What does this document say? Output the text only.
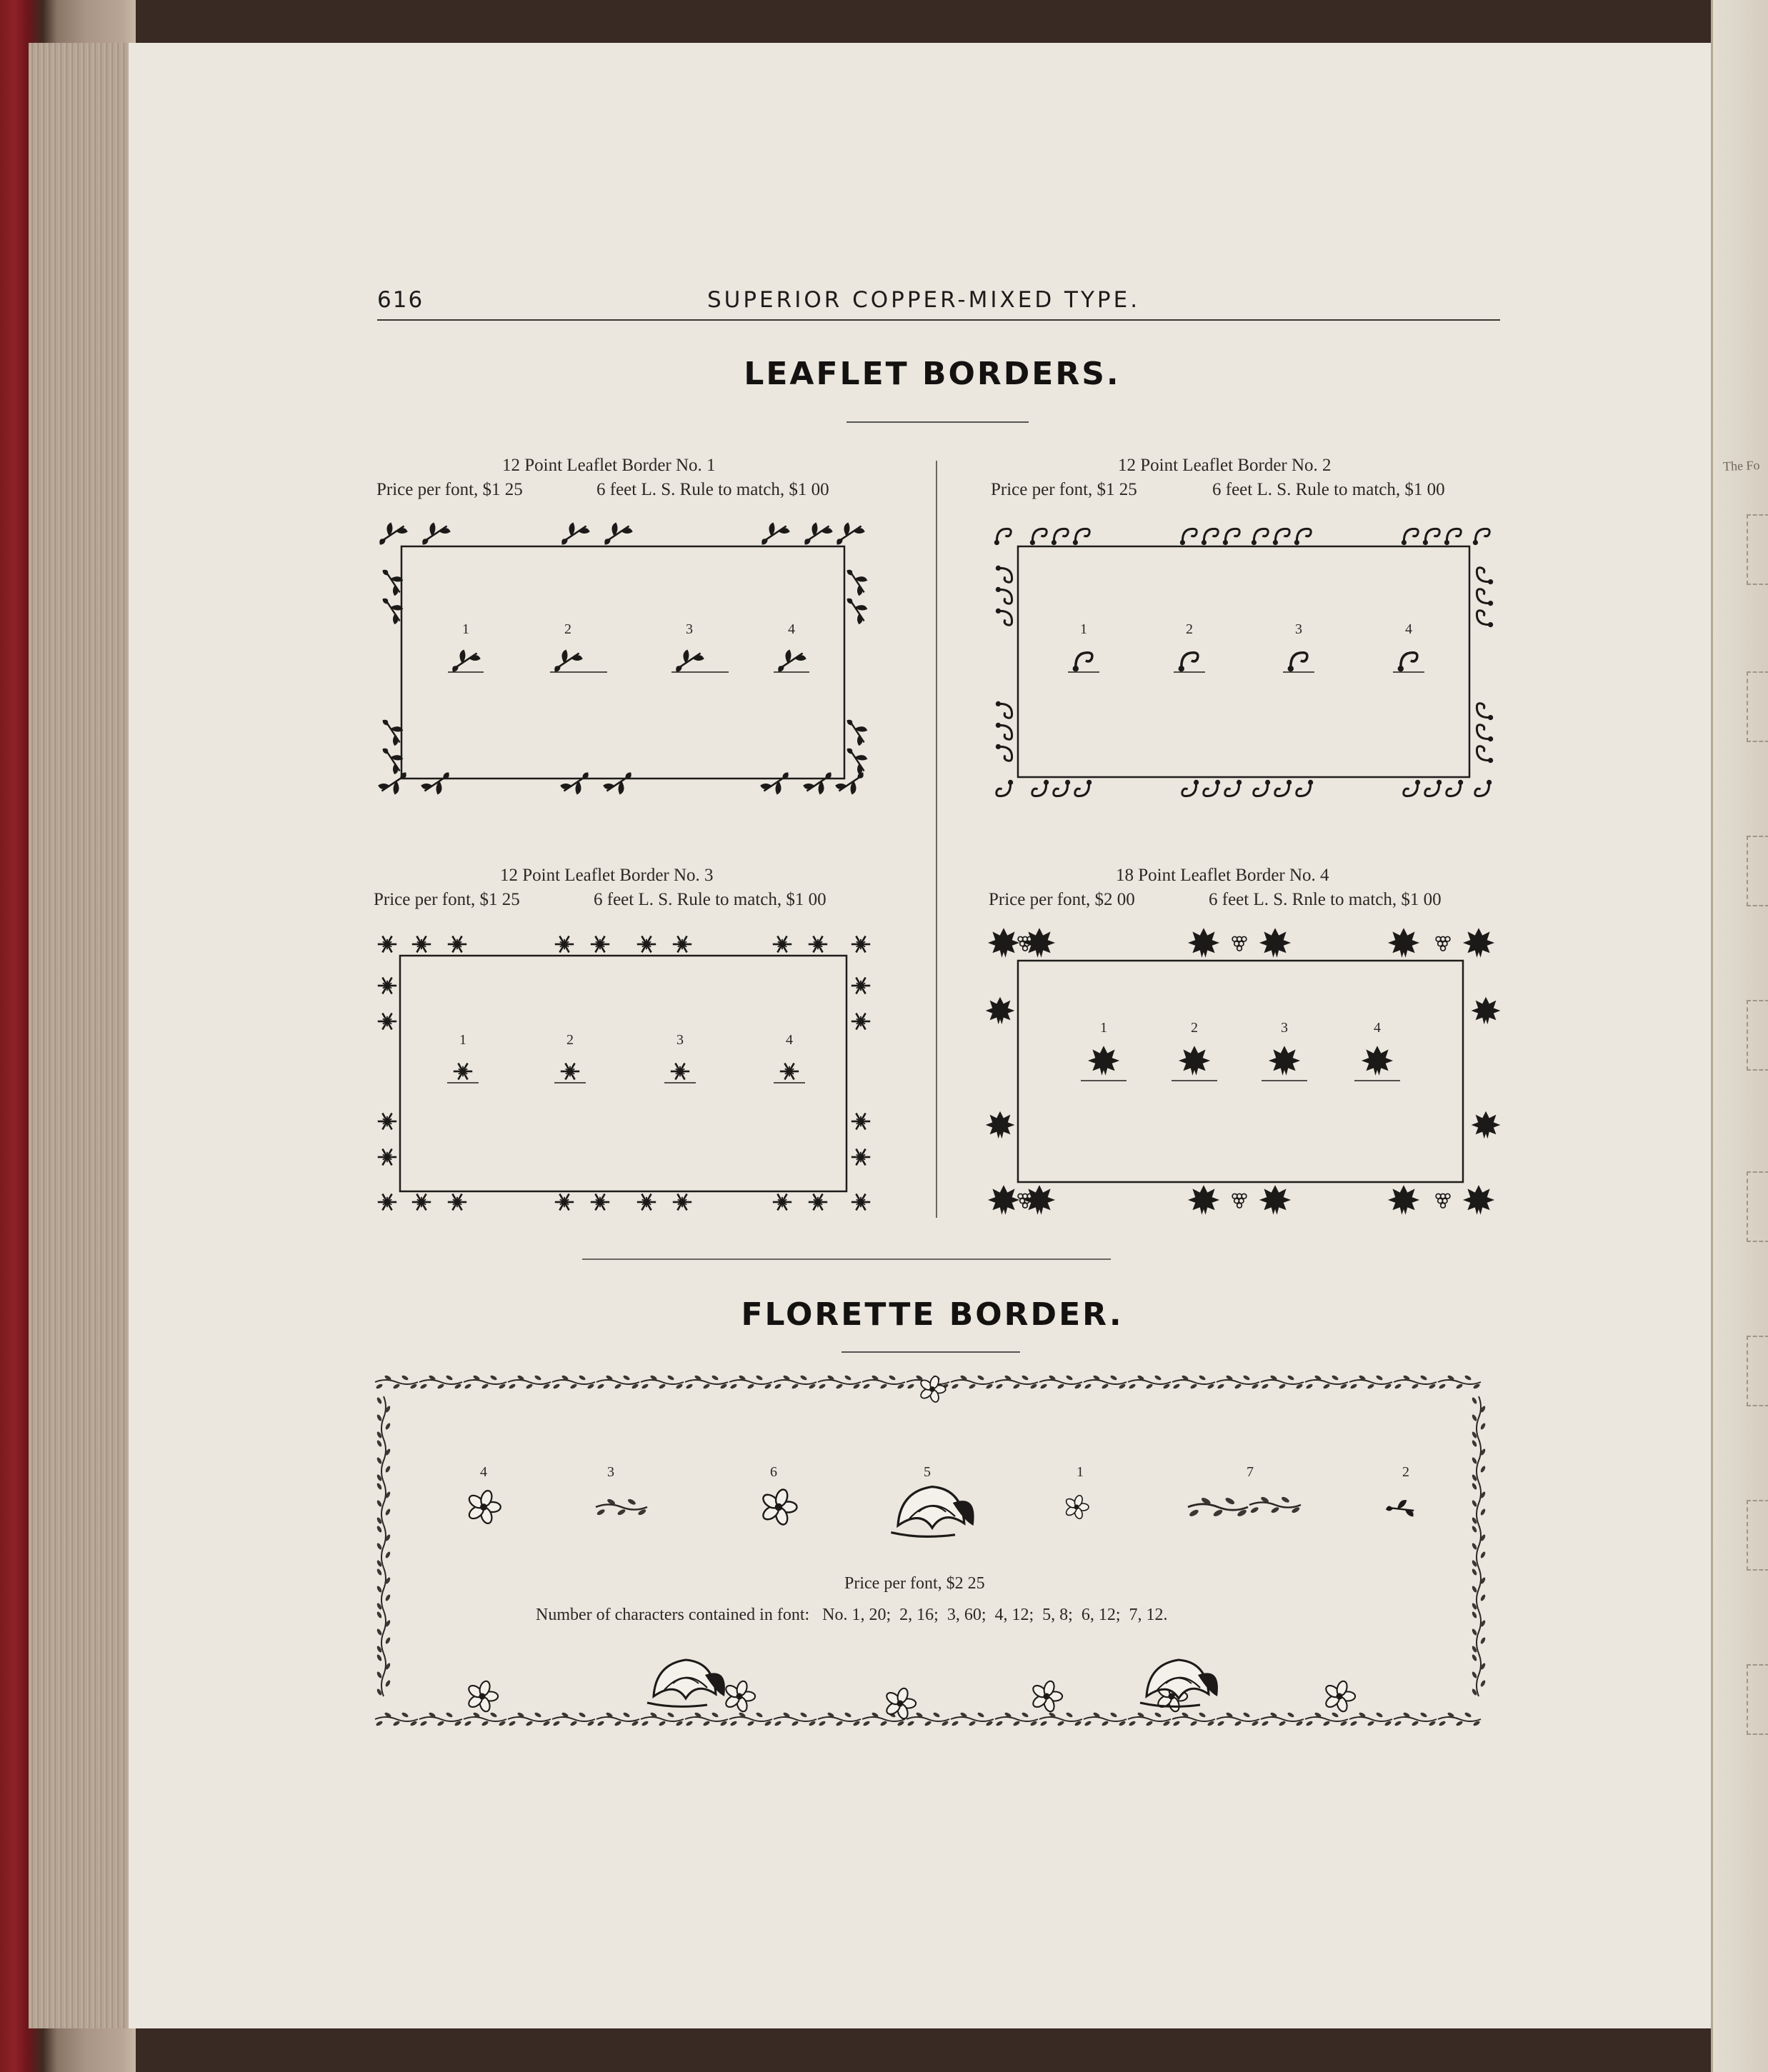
The Fo
616	SUPERIOR COPPER-MIXED TYPE.
LEAFLET BORDERS.
12 Point Leaflet Border No. 1
Price per font, $1 25	6 feet L. S. Rule to match, $1 00
1	2	3	4
12 Point Leaflet Border No. 2
Price per font, $1 25	6 feet L. S. Rule to match, $1 00
1	2	3	4
12 Point Leaflet Border No. 3
Price per font, $1 25	6 feet L. S. Rule to match, $1 00
1	2	3	4
18 Point Leaflet Border No. 4
Price per font, $2 00	6 feet L. S. Rnle to match, $1 00
1	2	3	4
FLORETTE BORDER.
4	3	6	5	1	7	2
Price per font, $2 25
Number of characters contained in font:   No. 1, 20;  2, 16;  3, 60;  4, 12;  5, 8;  6, 12;  7, 12.
